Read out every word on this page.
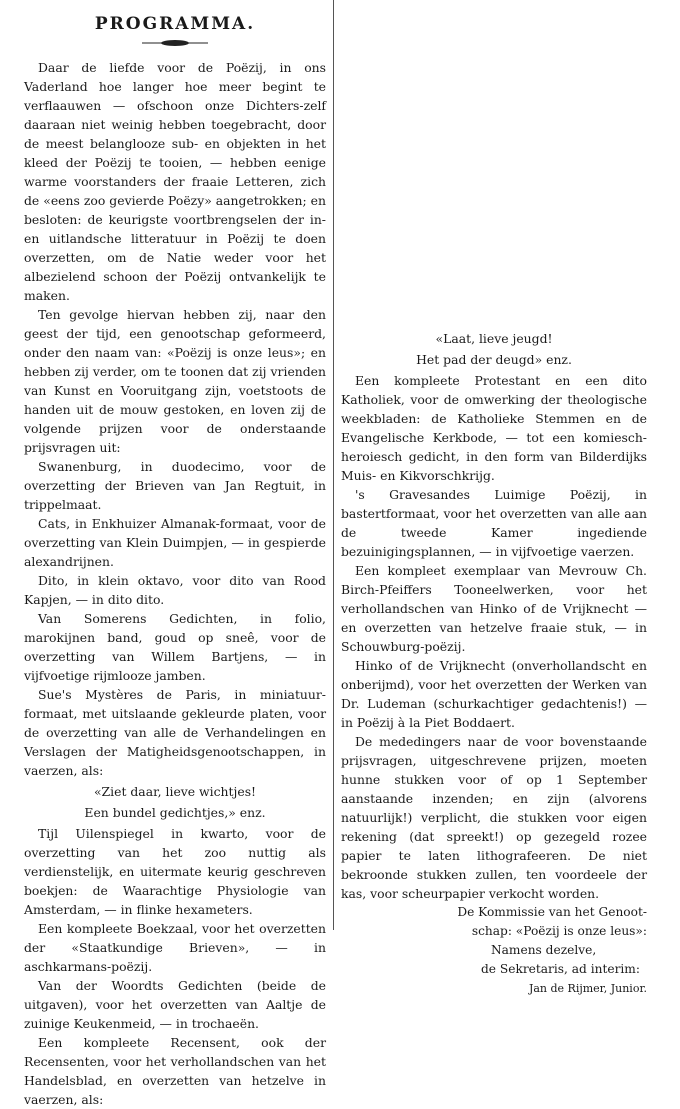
PROGRAMMA.

Daar de liefde voor de Poëzij, in ons Vaderland hoe langer hoe meer begint te verflaauwen — ofschoon onze Dichters-zelf daaraan niet weinig hebben toegebracht, door de meest belanglooze sub- en objekten in het kleed der Poëzij te tooien, — hebben eenige warme voorstanders der fraaie Letteren, zich de «eens zoo gevierde Poëzy» aangetrokken; en besloten: de keurigste voortbrengselen der in- en uitlandsche litteratuur in Poëzij te doen overzetten, om de Natie weder voor het albezielend schoon der Poëzij ontvankelijk te maken.

Ten gevolge hiervan hebben zij, naar den geest der tijd, een genootschap geformeerd, onder den naam van: «Poëzij is onze leus»; en hebben zij verder, om te toonen dat zij vrienden van Kunst en Vooruitgang zijn, voetstoots de handen uit de mouw gestoken, en loven zij de volgende prijzen voor de onderstaande prijsvragen uit:

Swanenburg, in duodecimo, voor de overzetting der Brieven van Jan Regtuit, in trippelmaat.

Cats, in Enkhuizer Almanak-formaat, voor de overzetting van Klein Duimpjen, — in gespierde alexandrijnen.

Dito, in klein oktavo, voor dito van Rood Kapjen, — in dito dito.

Van Somerens Gedichten, in folio, marokijnen band, goud op sneê, voor de overzetting van Willem Bartjens, — in vijfvoetige rijmlooze jamben.

Sue's Mystères de Paris, in miniatuur-formaat, met uitslaande gekleurde platen, voor de overzetting van alle de Verhandelingen en Verslagen der Matigheidsgenootschappen, in vaerzen, als:

«Ziet daar, lieve wichtjes!
Een bundel gedichtjes,» enz.

Tijl Uilenspiegel in kwarto, voor de overzetting van het zoo nuttig als verdienstelijk, en uitermate keurig geschreven boekjen: de Waarachtige Physiologie van Amsterdam, — in flinke hexameters.

Een kompleete Boekzaal, voor het overzetten der «Staatkundige Brieven», — in aschkarmans-poëzij.

Van der Woordts Gedichten (beide de uitgaven), voor het overzetten van Aaltje de zuinige Keukenmeid, — in trochaeën.

Een kompleete Recensent, ook der Recensenten, voor het verhollandschen van het Handelsblad, en overzetten van hetzelve in vaerzen, als:

«Laat, lieve jeugd!
Het pad der deugd» enz.

Een kompleete Protestant en een dito Katholiek, voor de omwerking der theologische weekbladen: de Katholieke Stemmen en de Evangelische Kerkbode, — tot een komiesch-heroiesch gedicht, in den form van Bilderdijks Muis- en Kikvorschkrijg.

's Gravesandes Luimige Poëzij, in bastertformaat, voor het overzetten van alle aan de tweede Kamer ingediende bezuinigingsplannen, — in vijfvoetige vaerzen.

Een kompleet exemplaar van Mevrouw Ch. Birch-Pfeiffers Tooneelwerken, voor het verhollandschen van Hinko of de Vrijknecht — en overzetten van hetzelve fraaie stuk, — in Schouwburg-poëzij.

Hinko of de Vrijknecht (onverhollandscht en onberijmd), voor het overzetten der Werken van Dr. Ludeman (schurkachtiger gedachtenis!) — in Poëzij à la Piet Boddaert.

De mededingers naar de voor bovenstaande prijsvragen, uitgeschrevene prijzen, moeten hunne stukken voor of op 1 September aanstaande inzenden; en zijn (alvorens natuurlijk!) verplicht, die stukken voor eigen rekening (dat spreekt!) op gezegeld rozee papier te laten lithografeeren. De niet bekroonde stukken zullen, ten voordeele der kas, voor scheurpapier verkocht worden.

De Kommissie van het Genoot-
schap: «Poëzij is onze leus»:
Namens dezelve,
de Sekretaris, ad interim:
Jan de Rijmer, Junior.
